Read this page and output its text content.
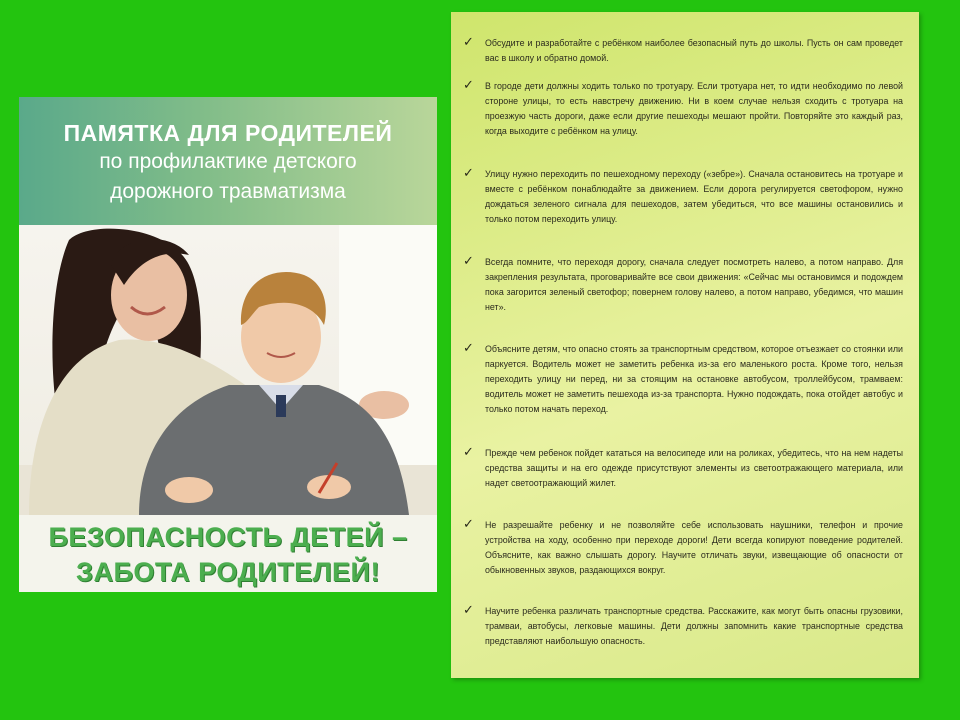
ПАМЯТКА ДЛЯ РОДИТЕЛЕЙ
по профилактике детского
дорожного травматизма
БЕЗОПАСНОСТЬ ДЕТЕЙ –
ЗАБОТА РОДИТЕЛЕЙ!
✓ Обсудите и разработайте с ребёнком наиболее безопасный путь до школы. Пусть он сам проведет вас в школу и обратно домой.
✓ В городе дети должны ходить только по тротуару. Если тротуара нет, то идти необходимо по левой стороне улицы, то есть навстречу движению. Ни в коем случае нельзя сходить с тротуара на проезжую часть дороги, даже если другие пешеходы мешают пройти. Повторяйте это каждый раз, когда выходите с ребёнком на улицу.
✓ Улицу нужно переходить по пешеходному переходу («зебре»). Сначала остановитесь на тротуаре и вместе с ребёнком понаблюдайте за движением. Если дорога регулируется светофором, нужно дождаться зеленого сигнала для пешеходов, затем убедиться, что все машины остановились и только потом переходить улицу.
✓ Всегда помните, что переходя дорогу, сначала следует посмотреть налево, а потом направо. Для закрепления результата, проговаривайте все свои движения: «Сейчас мы остановимся и подождем пока загорится зеленый светофор; повернем голову налево, а потом направо, убедимся, что машин нет».
✓ Объясните детям, что опасно стоять за транспортным средством, которое отъезжает со стоянки или паркуется. Водитель может не заметить ребенка из-за его маленького роста. Кроме того, нельзя переходить улицу ни перед, ни за стоящим на остановке автобусом, троллейбусом, трамваем: водитель может не заметить пешехода из-за транспорта. Нужно подождать, пока отойдет автобус и только потом начать переход.
✓ Прежде чем ребенок пойдет кататься на велосипеде или на роликах, убедитесь, что на нем надеты средства защиты и на его одежде присутствуют элементы из светоотражающего материала, или надет светоотражающий жилет.
✓ Не разрешайте ребенку и не позволяйте себе использовать наушники, телефон и прочие устройства на ходу, особенно при переходе дороги! Дети всегда копируют поведение родителей. Объясните, как важно слышать дорогу. Научите отличать звуки, извещающие об опасности от обыкновенных звуков, раздающихся вокруг.
✓ Научите ребенка различать транспортные средства. Расскажите, как могут быть опасны грузовики, трамваи, автобусы, легковые машины. Дети должны запомнить какие транспортные средства представляют наибольшую опасность.
